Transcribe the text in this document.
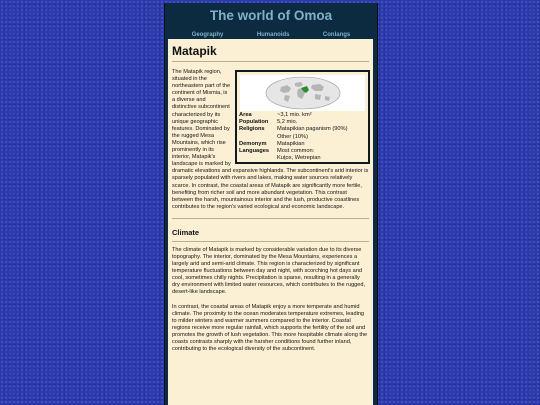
The world of Omoa
Geography	Humanoids	Conlangs
Matapik
Area	~3,1 mio. km²
Population	5,2 mio.
Religions	Matapikian paganism (90%)
Other (10%)
Demonym	Matapikian
Languages	Most common:
Kuţox, Wetrepian

The Matapik region, situated in the northeastern part of the continent of Mismia, is a diverse and distinctive subcontinent characterized by its unique geographic features. Dominated by the rugged Mesa Mountains, which rise prominently in its interior, Matapik's landscape is marked by dramatic elevations and expansive highlands. The subcontinent's arid interior is sparsely populated with rivers and lakes, making water sources relatively scarce. In contrast, the coastal areas of Matapik are significantly more fertile, benefiting from richer soil and more abundant vegetation. This contrast between the harsh, mountainous interior and the lush, productive coastlines contributes to the region's varied ecological and economic landscape.

Climate

The climate of Matapik is marked by considerable variation due to its diverse topography. The interior, dominated by the Mesa Mountains, experiences a largely arid and semi-arid climate. This region is characterized by significant temperature fluctuations between day and night, with scorching hot days and cool, sometimes chilly nights. Precipitation is sparse, resulting in a generally dry environment with limited water resources, which contributes to the rugged, desert-like landscape.

In contrast, the coastal areas of Matapik enjoy a more temperate and humid climate. The proximity to the ocean moderates temperature extremes, leading to milder winters and warmer summers compared to the interior. Coastal regions receive more regular rainfall, which supports the fertility of the soil and promotes the growth of lush vegetation. This more hospitable climate along the coasts contrasts sharply with the harsher conditions found further inland, contributing to the ecological diversity of the subcontinent.
